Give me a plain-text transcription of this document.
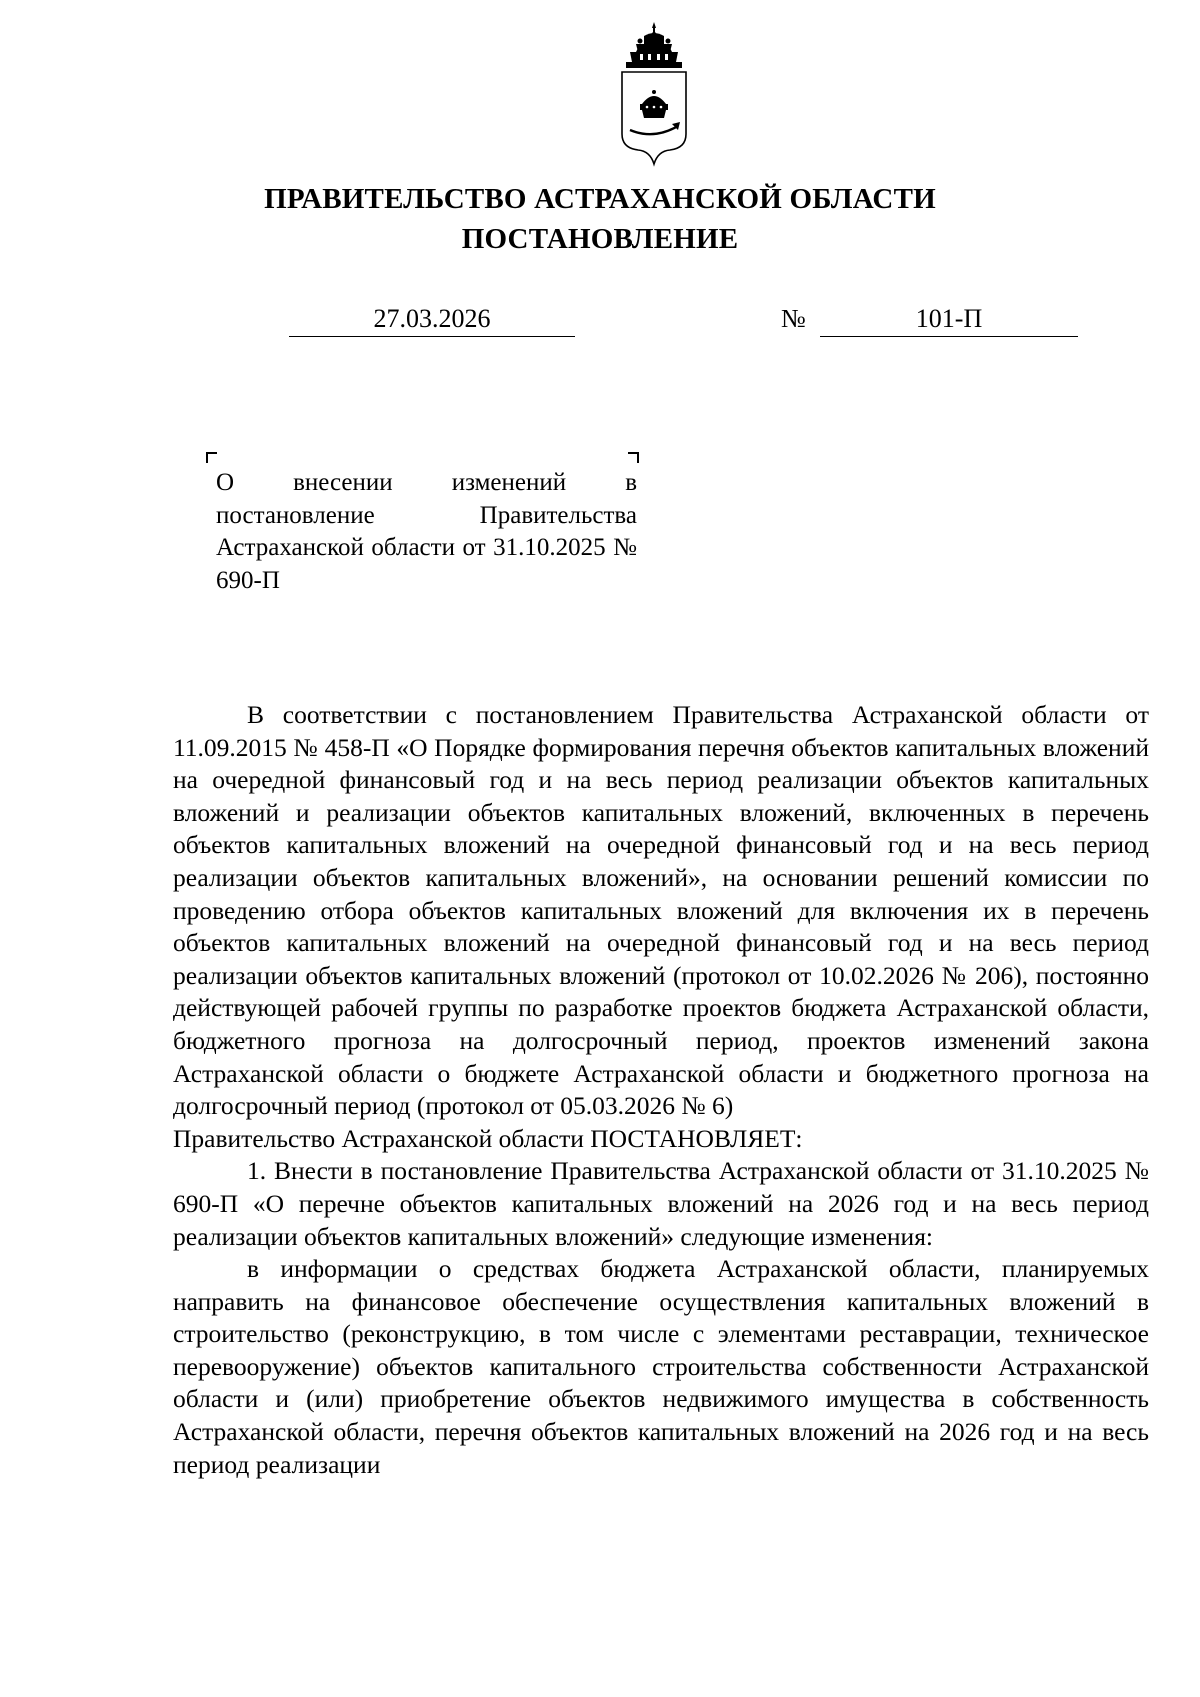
ПРАВИТЕЛЬСТВО АСТРАХАНСКОЙ ОБЛАСТИ
ПОСТАНОВЛЕНИЕ
27.03.2026	№	101-П
О внесении изменений в постановление Правительства Астраханской области от 31.10.2025 № 690-П

В соответствии с постановлением Правительства Астраханской области от 11.09.2015 № 458-П «О Порядке формирования перечня объектов капитальных вложений на очередной финансовый год и на весь период реализации объектов капитальных вложений и реализации объектов капитальных вложений, включенных в перечень объектов капитальных вложений на очередной финансовый год и на весь период реализации объектов капитальных вложений», на основании решений комиссии по проведению отбора объектов капитальных вложений для включения их в перечень объектов капитальных вложений на очередной финансовый год и на весь период реализации объектов капитальных вложений (протокол от 10.02.2026 № 206), постоянно действующей рабочей группы по разработке проектов бюджета Астраханской области, бюджетного прогноза на долгосрочный период, проектов изменений закона Астраханской области о бюджете Астраханской области и бюджетного прогноза на долгосрочный период (протокол от 05.03.2026 № 6)

Правительство Астраханской области ПОСТАНОВЛЯЕТ:

1. Внести в постановление Правительства Астраханской области от 31.10.2025 № 690-П «О перечне объектов капитальных вложений на 2026 год и на весь период реализации объектов капитальных вложений» следующие изменения:

в информации о средствах бюджета Астраханской области, планируемых направить на финансовое обеспечение осуществления капитальных вложений в строительство (реконструкцию, в том числе с элементами реставрации, техническое перевооружение) объектов капитального строительства собственности Астраханской области и (или) приобретение объектов недвижимого имущества в собственность Астраханской области, перечня объектов капитальных вложений на 2026 год и на весь период реализации
